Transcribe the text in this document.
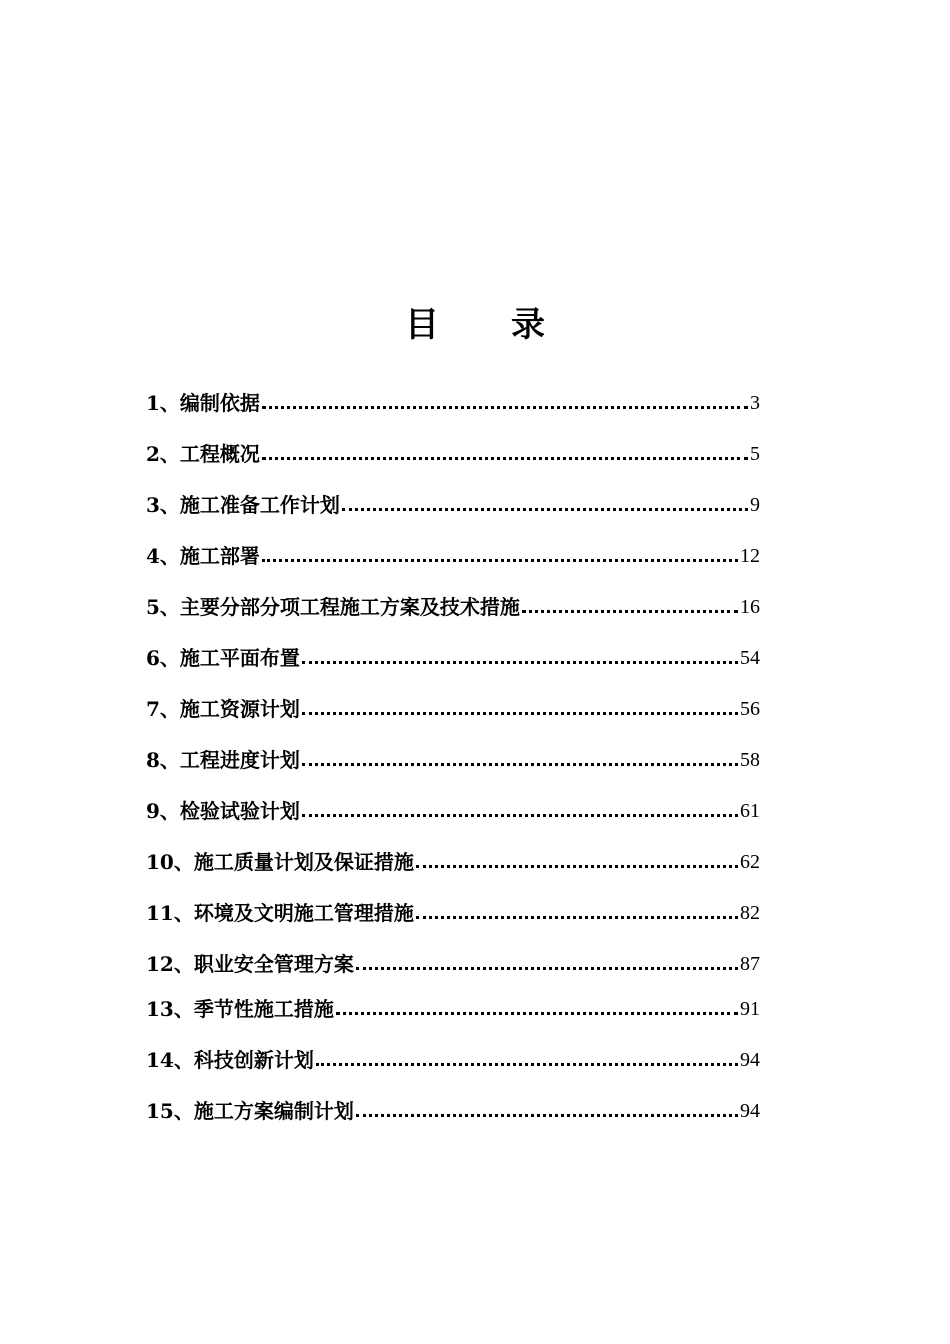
目 录
1、编制依据	3
2、工程概况	5
3、施工准备工作计划	9
4、施工部署	12
5、主要分部分项工程施工方案及技术措施	16
6、施工平面布置	54
7、施工资源计划	56
8、工程进度计划	58
9、检验试验计划	61
10、施工质量计划及保证措施	62
11、环境及文明施工管理措施	82
12、职业安全管理方案	87
13、季节性施工措施	91
14、科技创新计划	94
15、施工方案编制计划	94
